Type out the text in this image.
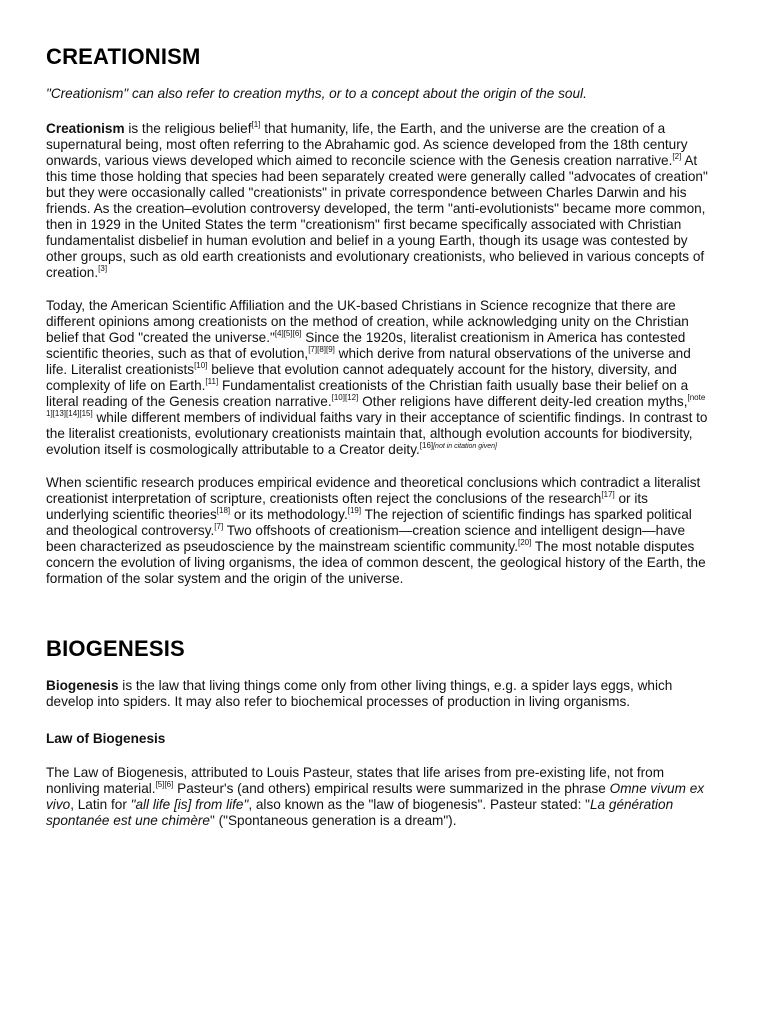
CREATIONISM
"Creationism" can also refer to creation myths, or to a concept about the origin of the soul.
Creationism is the religious belief[1] that humanity, life, the Earth, and the universe are the creation of a
supernatural being, most often referring to the Abrahamic god. As science developed from the 18th century
onwards, various views developed which aimed to reconcile science with the Genesis creation narrative.[2] At
this time those holding that species had been separately created were generally called "advocates of creation"
but they were occasionally called "creationists" in private correspondence between Charles Darwin and his
friends. As the creation–evolution controversy developed, the term "anti-evolutionists" became more common,
then in 1929 in the United States the term "creationism" first became specifically associated with Christian
fundamentalist disbelief in human evolution and belief in a young Earth, though its usage was contested by
other groups, such as old earth creationists and evolutionary creationists, who believed in various concepts of
creation.[3]
Today, the American Scientific Affiliation and the UK-based Christians in Science recognize that there are
different opinions among creationists on the method of creation, while acknowledging unity on the Christian
belief that God "created the universe."[4][5][6] Since the 1920s, literalist creationism in America has contested
scientific theories, such as that of evolution,[7][8][9] which derive from natural observations of the universe and
life. Literalist creationists[10] believe that evolution cannot adequately account for the history, diversity, and
complexity of life on Earth.[11] Fundamentalist creationists of the Christian faith usually base their belief on a
literal reading of the Genesis creation narrative.[10][12] Other religions have different deity-led creation myths,$^{[note}$
$^{1][13][14][15]}$ while different members of individual faiths vary in their acceptance of scientific findings. In contrast to
the literalist creationists, evolutionary creationists maintain that, although evolution accounts for biodiversity,
evolution itself is cosmologically attributable to a Creator deity.[16][not in citation given]
When scientific research produces empirical evidence and theoretical conclusions which contradict a literalist
creationist interpretation of scripture, creationists often reject the conclusions of the research[17] or its
underlying scientific theories[18] or its methodology.[19] The rejection of scientific findings has sparked political
and theological controversy.[7] Two offshoots of creationism—creation science and intelligent design—have
been characterized as pseudoscience by the mainstream scientific community.[20] The most notable disputes
concern the evolution of living organisms, the idea of common descent, the geological history of the Earth, the
formation of the solar system and the origin of the universe.
BIOGENESIS
Biogenesis is the law that living things come only from other living things, e.g. a spider lays eggs, which
develop into spiders. It may also refer to biochemical processes of production in living organisms.
Law of Biogenesis
The Law of Biogenesis, attributed to Louis Pasteur, states that life arises from pre-existing life, not from
nonliving material.[5][6] Pasteur's (and others) empirical results were summarized in the phrase Omne vivum ex
vivo, Latin for "all life [is] from life", also known as the "law of biogenesis". Pasteur stated: "La génération
spontanée est une chimère" ("Spontaneous generation is a dream").
